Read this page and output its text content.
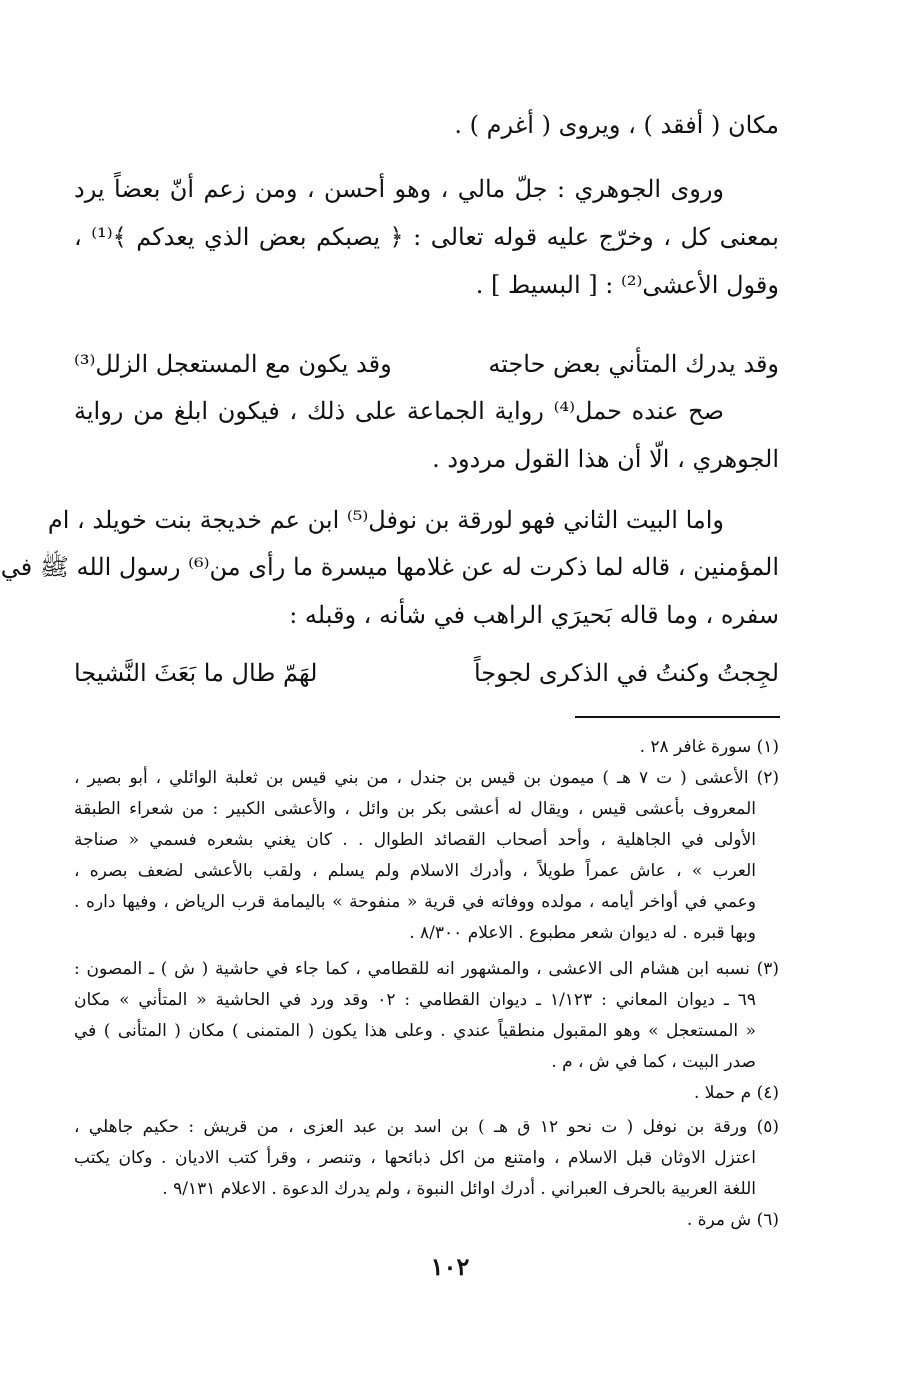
مكان ( أفقد ) ، ويروى ( أغرم ) .
وروى الجوهري : جلّ مالي ، وهو أحسن ، ومن زعم أنّ بعضاً يرد
بمعنى كل ، وخرّج عليه قوله تعالى : ﴿ يصبكم بعض الذي يعدكم ﴾⁽¹⁾ ،
وقول الأعشى⁽²⁾ : [ البسيط ] .
وقد يدرك المتأني بعض حاجته
وقد يكون مع المستعجل الزلل⁽³⁾
صح عنده حمل⁽⁴⁾ رواية الجماعة على ذلك ، فيكون ابلغ من رواية
الجوهري ، الّا أن هذا القول مردود .
واما البيت الثاني فهو لورقة بن نوفل⁽⁵⁾ ابن عم خديجة بنت خويلد ، ام
المؤمنين ، قاله لما ذكرت له عن غلامها ميسرة ما رأى من⁽⁶⁾ رسول الله ﷺ في
سفره ، وما قاله بَحيرَي الراهب في شأنه ، وقبله :
لجِجتُ وكنتُ في الذكرى لجوجاً
لهَمّ طال ما بَعَثَ النَّشيجا
(١) سورة غافر ٢٨ .
(٢) الأعشى ( ت ٧ هـ ) ميمون بن قيس بن جندل ، من بني قيس بن ثعلبة الوائلي ، أبو بصير ،
المعروف بأعشى قيس ، ويقال له أعشى بكر بن وائل ، والأعشى الكبير : من شعراء الطبقة
الأولى في الجاهلية ، وأحد أصحاب القصائد الطوال . . كان يغني بشعره فسمي « صناجة
العرب » ، عاش عمراً طويلاً ، وأدرك الاسلام ولم يسلم ، ولقب بالأعشى لضعف بصره ،
وعمي في أواخر أيامه ، مولده ووفاته في قرية « منفوحة » باليمامة قرب الرياض ، وفيها داره .
وبها قبره . له ديوان شعر مطبوع . الاعلام ٨/٣٠٠ .
(٣) نسبه ابن هشام الى الاعشى ، والمشهور انه للقطامي ، كما جاء في حاشية ( ش ) ـ المصون :
٦٩ ـ ديوان المعاني : ١/١٢٣ ـ ديوان القطامي : ٠٢ وقد ورد في الحاشية « المتأني » مكان
« المستعجل » وهو المقبول منطقياً عندي . وعلى هذا يكون ( المتمنى ) مكان ( المتأنى ) في
صدر البيت ، كما في ش ، م .
(٤) م حملا .
(٥) ورقة بن نوفل ( ت نحو ١٢ ق هـ ) بن اسد بن عبد العزى ، من قريش : حكيم جاهلي ،
اعتزل الاوثان قبل الاسلام ، وامتنع من اكل ذبائحها ، وتنصر ، وقرأ كتب الاديان . وكان يكتب
اللغة العربية بالحرف العبراني . أدرك اوائل النبوة ، ولم يدرك الدعوة . الاعلام ٩/١٣١ .
(٦) ش مرة .
١٠٢
